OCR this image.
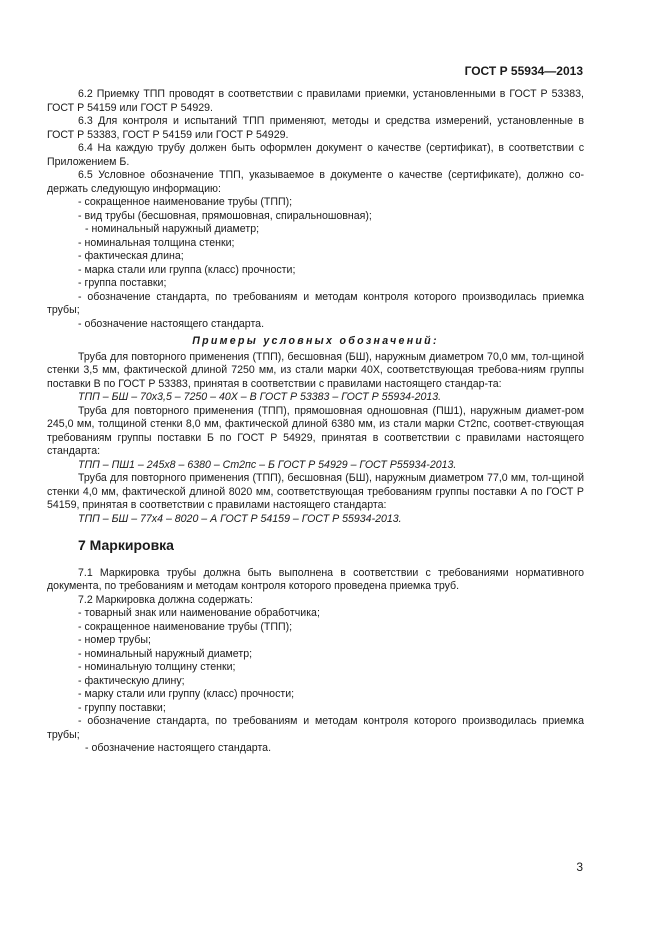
ГОСТ Р 55934—2013

6.2 Приемку ТПП проводят в соответствии с правилами приемки, установленными в ГОСТ Р 53383, ГОСТ Р 54159 или ГОСТ Р 54929.

6.3 Для контроля и испытаний ТПП применяют, методы и средства измерений, установленные в ГОСТ Р 53383, ГОСТ Р 54159 или ГОСТ Р 54929.

6.4 На каждую трубу должен быть оформлен документ о качестве (сертификат), в соответствии с Приложением Б.

6.5 Условное обозначение ТПП, указываемое в документе о качестве (сертификате), должно со-держать следующую информацию:

- сокращенное наименование трубы (ТПП);

- вид трубы (бесшовная, прямошовная, спиральношовная);

- номинальный наружный диаметр;

- номинальная толщина стенки;

- фактическая длина;

- марка стали или группа (класс) прочности;

- группа поставки;

- обозначение стандарта, по требованиям и методам контроля которого производилась приемка трубы;

- обозначение настоящего стандарта.

Примеры условных обозначений:

Труба для повторного применения (ТПП), бесшовная (БШ), наружным диаметром 70,0 мм, тол-щиной стенки 3,5 мм, фактической длиной 7250 мм, из стали марки 40Х, соответствующая требова-ниям группы поставки В по ГОСТ Р 53383, принятая в соответствии с правилами настоящего стандар-та:

ТПП – БШ – 70х3,5 – 7250 – 40Х – В ГОСТ Р 53383 – ГОСТ Р 55934-2013.

Труба для повторного применения (ТПП), прямошовная одношовная (ПШ1), наружным диамет-ром 245,0 мм, толщиной стенки 8,0 мм, фактической длиной 6380 мм, из стали марки Ст2пс, соответ-ствующая требованиям группы поставки Б по ГОСТ Р 54929, принятая в соответствии с правилами настоящего стандарта:

ТПП – ПШ1 – 245х8 – 6380 – Ст2пс – Б ГОСТ Р 54929 – ГОСТ Р55934-2013.

Труба для повторного применения (ТПП), бесшовная (БШ), наружным диаметром 77,0 мм, тол-щиной стенки 4,0 мм, фактической длиной 8020 мм, соответствующая требованиям группы поставки А по ГОСТ Р 54159, принятая в соответствии с правилами настоящего стандарта:

ТПП – БШ – 77х4 – 8020 – А ГОСТ Р 54159 – ГОСТ Р 55934-2013.

7 Маркировка

7.1 Маркировка трубы должна быть выполнена в соответствии с требованиями нормативного документа, по требованиям и методам контроля которого проведена приемка труб.

7.2 Маркировка должна содержать:

- товарный знак или наименование обработчика;

- сокращенное наименование трубы (ТПП);

- номер трубы;

- номинальный наружный диаметр;

- номинальную толщину стенки;

- фактическую длину;

- марку стали или группу (класс) прочности;

- группу поставки;

- обозначение стандарта, по требованиям и методам контроля которого производилась приемка трубы;

- обозначение настоящего стандарта.

3
